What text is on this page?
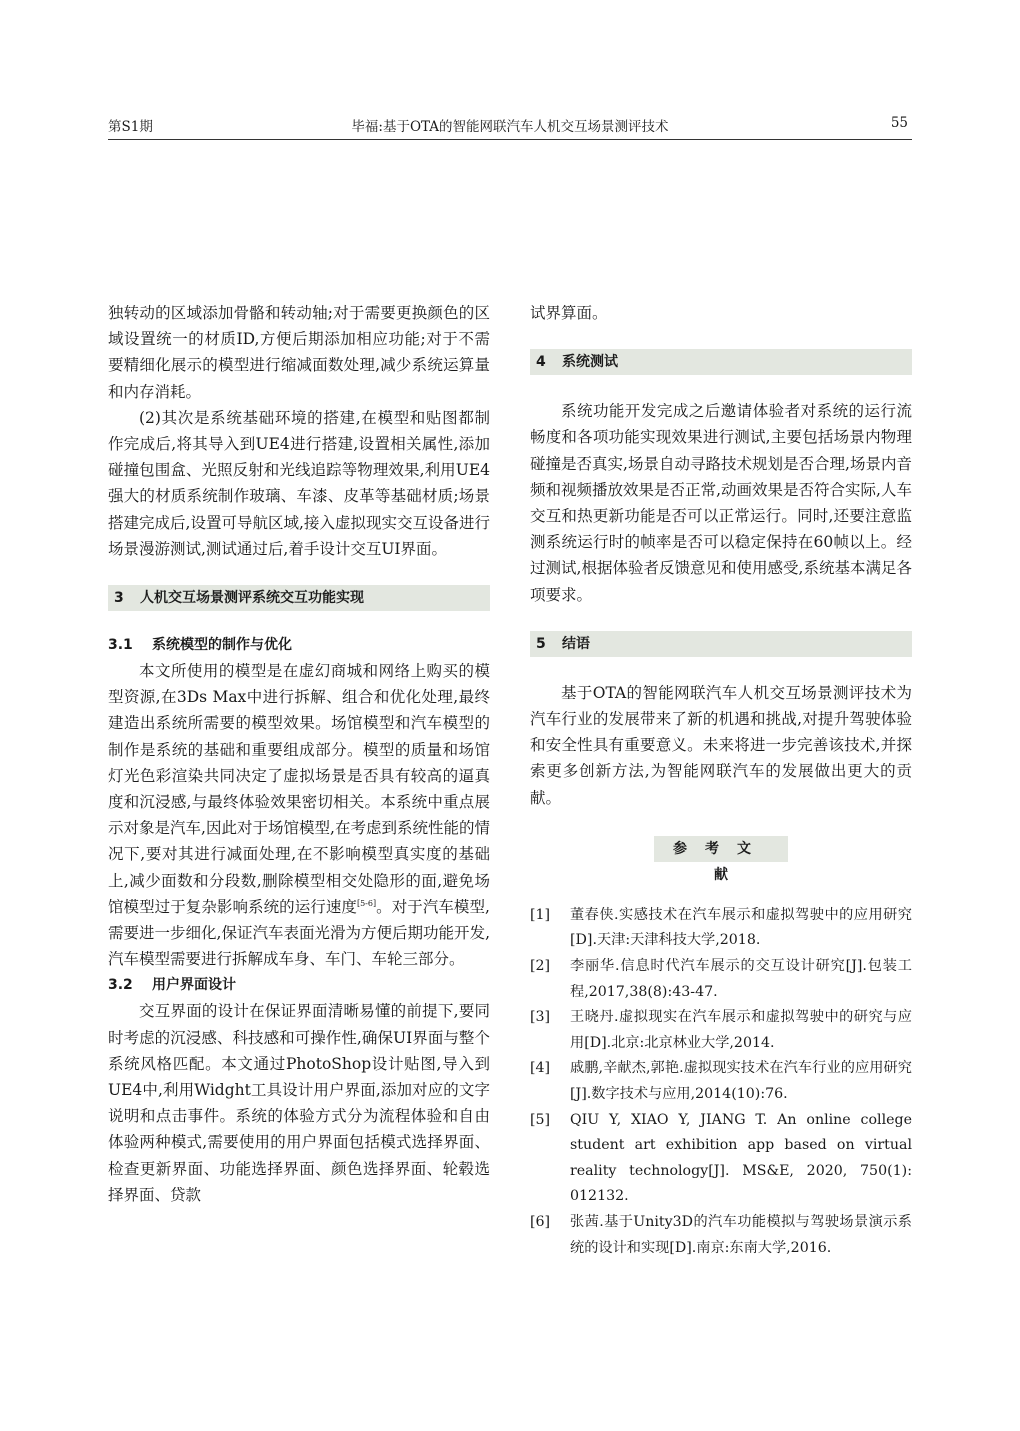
第S1期	毕福:基于OTA的智能网联汽车人机交互场景测评技术	55

独转动的区域添加骨骼和转动轴;对于需要更换颜色的区域设置统一的材质ID,方便后期添加相应功能;对于不需要精细化展示的模型进行缩减面数处理,减少系统运算量和内存消耗。

(2)其次是系统基础环境的搭建,在模型和贴图都制作完成后,将其导入到UE4进行搭建,设置相关属性,添加碰撞包围盒、光照反射和光线追踪等物理效果,利用UE4强大的材质系统制作玻璃、车漆、皮革等基础材质;场景搭建完成后,设置可导航区域,接入虚拟现实交互设备进行场景漫游测试,测试通过后,着手设计交互UI界面。

3 人机交互场景测评系统交互功能实现
3.1 系统模型的制作与优化

本文所使用的模型是在虚幻商城和网络上购买的模型资源,在3Ds Max中进行拆解、组合和优化处理,最终建造出系统所需要的模型效果。场馆模型和汽车模型的制作是系统的基础和重要组成部分。模型的质量和场馆灯光色彩渲染共同决定了虚拟场景是否具有较高的逼真度和沉浸感,与最终体验效果密切相关。本系统中重点展示对象是汽车,因此对于场馆模型,在考虑到系统性能的情况下,要对其进行减面处理,在不影响模型真实度的基础上,减少面数和分段数,删除模型相交处隐形的面,避免场馆模型过于复杂影响系统的运行速度[5-6]。对于汽车模型,需要进一步细化,保证汽车表面光滑为方便后期功能开发,汽车模型需要进行拆解成车身、车门、车轮三部分。

3.2 用户界面设计

交互界面的设计在保证界面清晰易懂的前提下,要同时考虑的沉浸感、科技感和可操作性,确保UI界面与整个系统风格匹配。本文通过PhotoShop设计贴图,导入到UE4中,利用Widght工具设计用户界面,添加对应的文字说明和点击事件。系统的体验方式分为流程体验和自由体验两种模式,需要使用的用户界面包括模式选择界面、检查更新界面、功能选择界面、颜色选择界面、轮毂选择界面、贷款

试界算面。

4 系统测试

系统功能开发完成之后邀请体验者对系统的运行流畅度和各项功能实现效果进行测试,主要包括场景内物理碰撞是否真实,场景自动寻路技术规划是否合理,场景内音频和视频播放效果是否正常,动画效果是否符合实际,人车交互和热更新功能是否可以正常运行。同时,还要注意监测系统运行时的帧率是否可以稳定保持在60帧以上。经过测试,根据体验者反馈意见和使用感受,系统基本满足各项要求。

5 结语

基于OTA的智能网联汽车人机交互场景测评技术为汽车行业的发展带来了新的机遇和挑战,对提升驾驶体验和安全性具有重要意义。未来将进一步完善该技术,并探索更多创新方法,为智能网联汽车的发展做出更大的贡献。

参考文献
[1]	董春侠.实感技术在汽车展示和虚拟驾驶中的应用研究[D].天津:天津科技大学,2018.
[2]	李丽华.信息时代汽车展示的交互设计研究[J].包装工程,2017,38(8):43-47.
[3]	王晓丹.虚拟现实在汽车展示和虚拟驾驶中的研究与应用[D].北京:北京林业大学,2014.
[4]	戚鹏,辛献杰,郭艳.虚拟现实技术在汽车行业的应用研究[J].数字技术与应用,2014(10):76.
[5]	QIU Y, XIAO Y, JIANG T. An online college student art exhibition app based on virtual reality technology[J]. MS&E, 2020, 750(1): 012132.
[6]	张茜.基于Unity3D的汽车功能模拟与驾驶场景演示系统的设计和实现[D].南京:东南大学,2016.
